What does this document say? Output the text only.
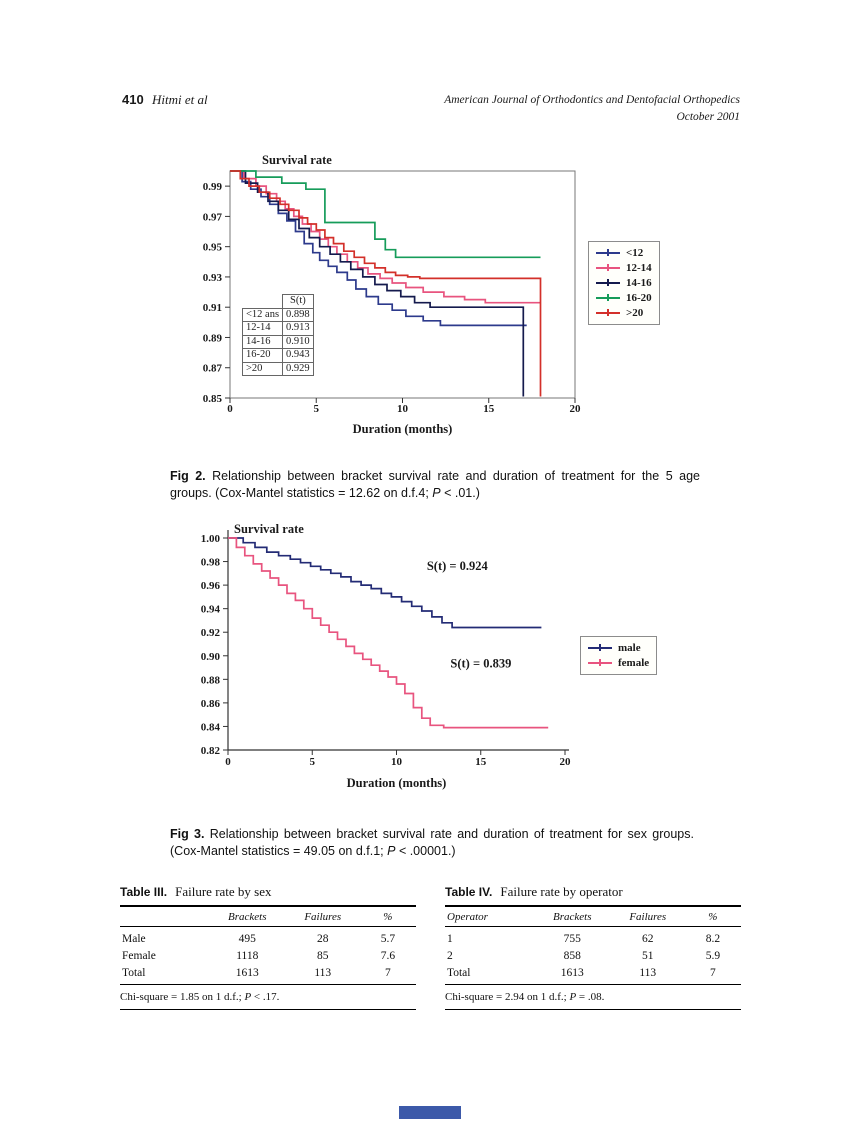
410 Hitmi et al	American Journal of Orthodontics and Dentofacial Orthopedics
October 2001
0.85
0.87
0.89
0.91
0.93
0.95
0.97
0.99
0	5	10	15	20
Survival rate
Duration (months)
	S(t)
<12 ans	0.898
12-14	0.913
14-16	0.910
16-20	0.943
>20	0.929
<12
12-14
14-16
16-20
>20

Fig 2. Relationship between bracket survival rate and duration of treatment for the 5 age groups. (Cox-Mantel statistics = 12.62 on d.f.4; P < .01.)

0.82
0.84
0.86
0.88
0.90
0.92
0.94
0.96
0.98
1.00
0	5	10	15	20
Survival rate
Duration (months)
S(t) = 0.924
S(t) = 0.839
male
female

Fig 3. Relationship between bracket survival rate and duration of treatment for sex groups. (Cox-Mantel statistics = 49.05 on d.f.1; P < .00001.)

Table III. Failure rate by sex
	Brackets	Failures	%
Male	495	28	5.7
Female	1118	85	7.6
Total	1613	113	7
Chi-square = 1.85 on 1 d.f.; P < .17.
Table IV. Failure rate by operator
Operator	Brackets	Failures	%
1	755	62	8.2
2	858	51	5.9
Total	1613	113	7
Chi-square = 2.94 on 1 d.f.; P = .08.
